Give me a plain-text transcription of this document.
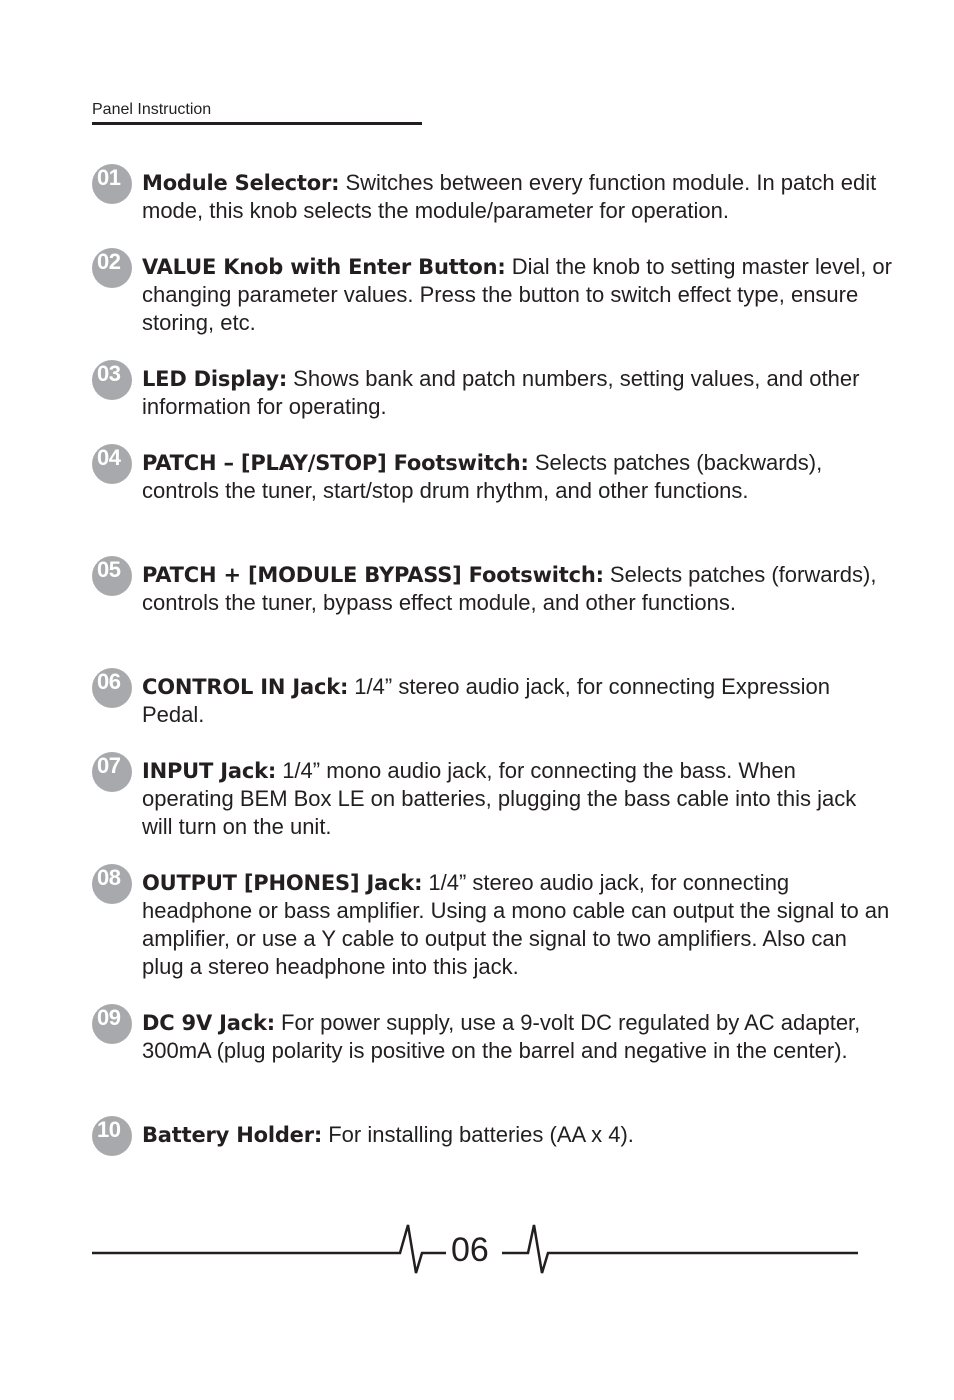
Panel Instruction
01 Module Selector: Switches between every function module. In patch edit mode, this knob selects the module/parameter for operation.
02 VALUE Knob with Enter Button: Dial the knob to setting master level, or changing parameter values. Press the button to switch effect type, ensure storing, etc.
03 LED Display: Shows bank and patch numbers, setting values, and other information for operating.
04 PATCH – [PLAY/STOP] Footswitch: Selects patches (backwards), controls the tuner, start/stop drum rhythm, and other functions.
05 PATCH + [MODULE BYPASS] Footswitch: Selects patches (forwards), controls the tuner, bypass effect module, and other functions.
06 CONTROL IN Jack: 1/4” stereo audio jack, for connecting Expression Pedal.
07 INPUT Jack: 1/4” mono audio jack, for connecting the bass. When operating BEM Box LE on batteries, plugging the bass cable into this jack will turn on the unit.
08 OUTPUT [PHONES] Jack: 1/4” stereo audio jack, for connecting headphone or bass amplifier. Using a mono cable can output the signal to an amplifier, or use a Y cable to output the signal to two amplifiers. Also can plug a stereo headphone into this jack.
09 DC 9V Jack: For power supply, use a 9-volt DC regulated by AC adapter, 300mA (plug polarity is positive on the barrel and negative in the center).
10 Battery Holder: For installing batteries (AA x 4).
06
